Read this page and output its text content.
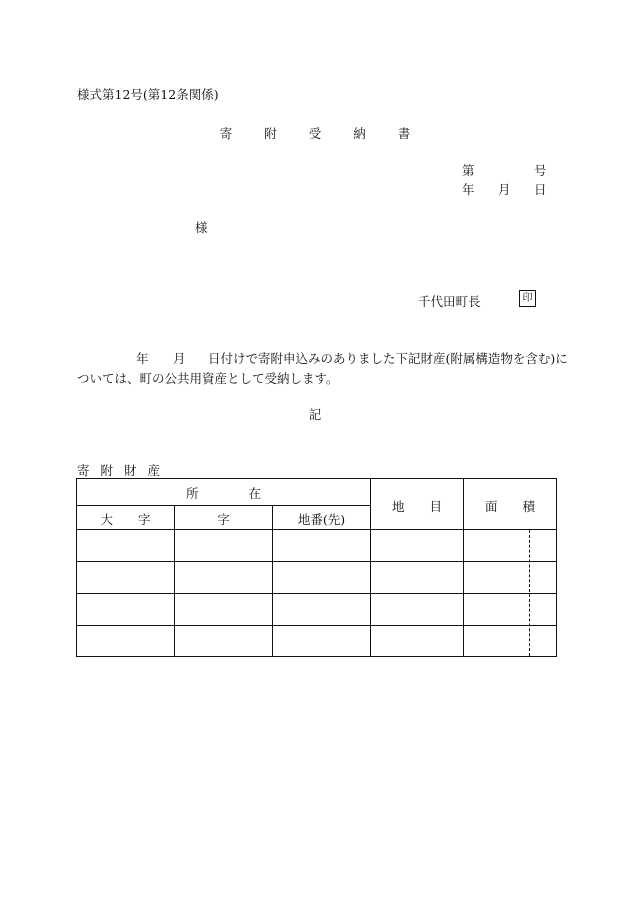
様式第12号(第12条関係)
寄 附 受 納 書
第	号
年 月 日
様
千代田町長	印
年 月 日付けで寄附申込みのありました下記財産(附属構造物を含む)に
ついては、町の公共用資産として受納します。
記
寄附財産
所　　　　在
大　　字	字	地番(先)
地　　目	面　　積
